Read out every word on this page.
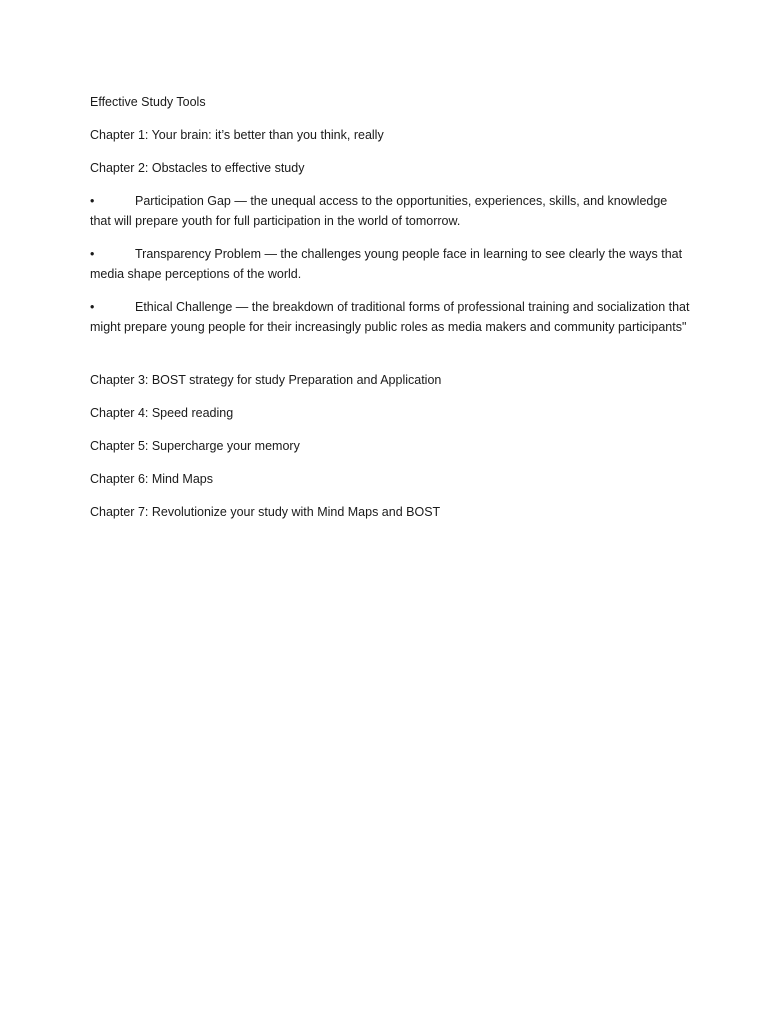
Effective Study Tools

Chapter 1: Your brain: it’s better than you think, really

Chapter 2: Obstacles to effective study

•	Participation Gap — the unequal access to the opportunities, experiences, skills, and knowledge that will prepare youth for full participation in the world of tomorrow.

•	Transparency Problem — the challenges young people face in learning to see clearly the ways that media shape perceptions of the world.

•	Ethical Challenge — the breakdown of traditional forms of professional training and socialization that might prepare young people for their increasingly public roles as media makers and community participants"

Chapter 3: BOST strategy for study Preparation and Application

Chapter 4: Speed reading

Chapter 5: Supercharge your memory

Chapter 6: Mind Maps

Chapter 7: Revolutionize your study with Mind Maps and BOST
